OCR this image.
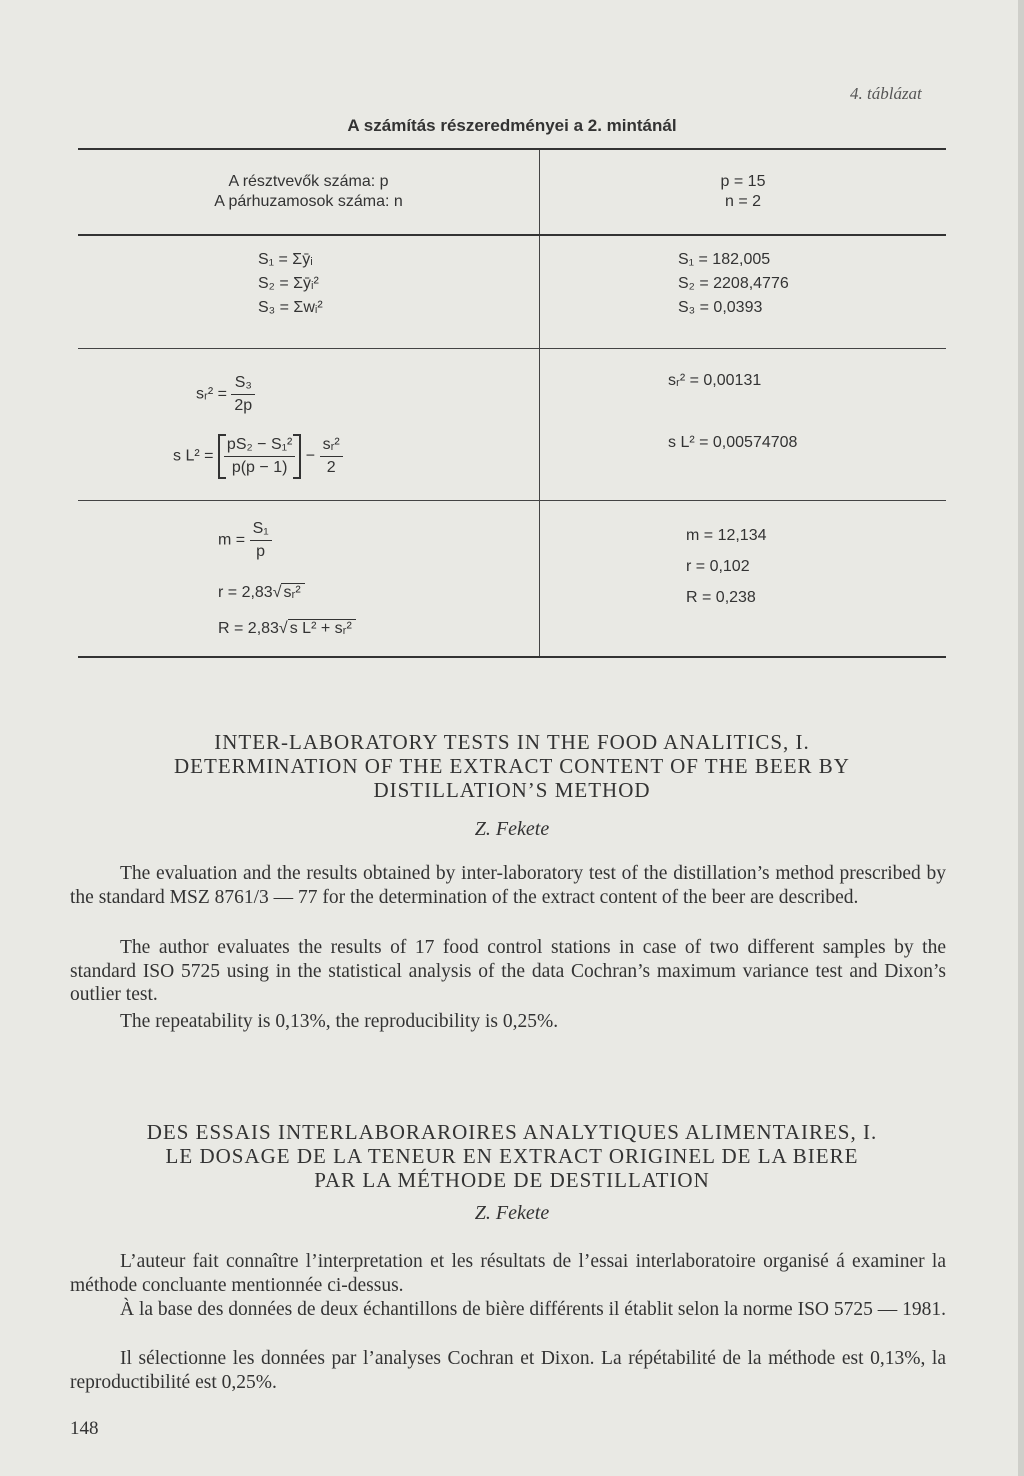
4. táblázat
A számítás részeredményei a 2. mintánál
A résztvevők száma: p
A párhuzamosok száma: n
p = 15
n = 2
S₁ = Σȳᵢ
S₂ = Σȳᵢ²
S₃ = Σwᵢ²
S₁ = 182,005
S₂ = 2208,4776
S₃ = 0,0393
sᵣ² = $\frac{\text{S₃}}{2p}$
s $L^2 = \frac{\text{pS₂ − S₁²}}{p(p - 1)} - \frac{\text{sᵣ²}}{2}$
sᵣ² = 0,00131
s L² = 0,00574708
$m = \frac{\text{S₁}}{p}$
r = 2,83√ sᵣ²
R = 2,83√ s L² + sᵣ²
m = 12,134
r = 0,102
R = 0,238
INTER-LABORATORY TESTS IN THE FOOD ANALITICS, I.
DETERMINATION OF THE EXTRACT CONTENT OF THE BEER BY
DISTILLATION’S METHOD
Z. Fekete

The evaluation and the results obtained by inter-laboratory test of the distillation’s method prescribed by the standard MSZ 8761/3 — 77 for the determination of the extract content of the beer are described.

The author evaluates the results of 17 food control stations in case of two different samples by the standard ISO 5725 using in the statistical analysis of the data Cochran’s maximum variance test and Dixon’s outlier test.

The repeatability is 0,13%, the reproducibility is 0,25%.

DES ESSAIS INTERLABORAROIRES ANALYTIQUES ALIMENTAIRES, I.
LE DOSAGE DE LA TENEUR EN EXTRACT ORIGINEL DE LA BIERE
PAR LA MÉTHODE DE DESTILLATION
Z. Fekete

L’auteur fait connaître l’interpretation et les résultats de l’essai interlaboratoire organisé á examiner la méthode concluante mentionnée ci-dessus.

À la base des données de deux échantillons de bière différents il établit selon la norme ISO 5725 — 1981.

Il sélectionne les données par l’analyses Cochran et Dixon. La répétabilité de la méthode est 0,13%, la reproductibilité est 0,25%.

148
